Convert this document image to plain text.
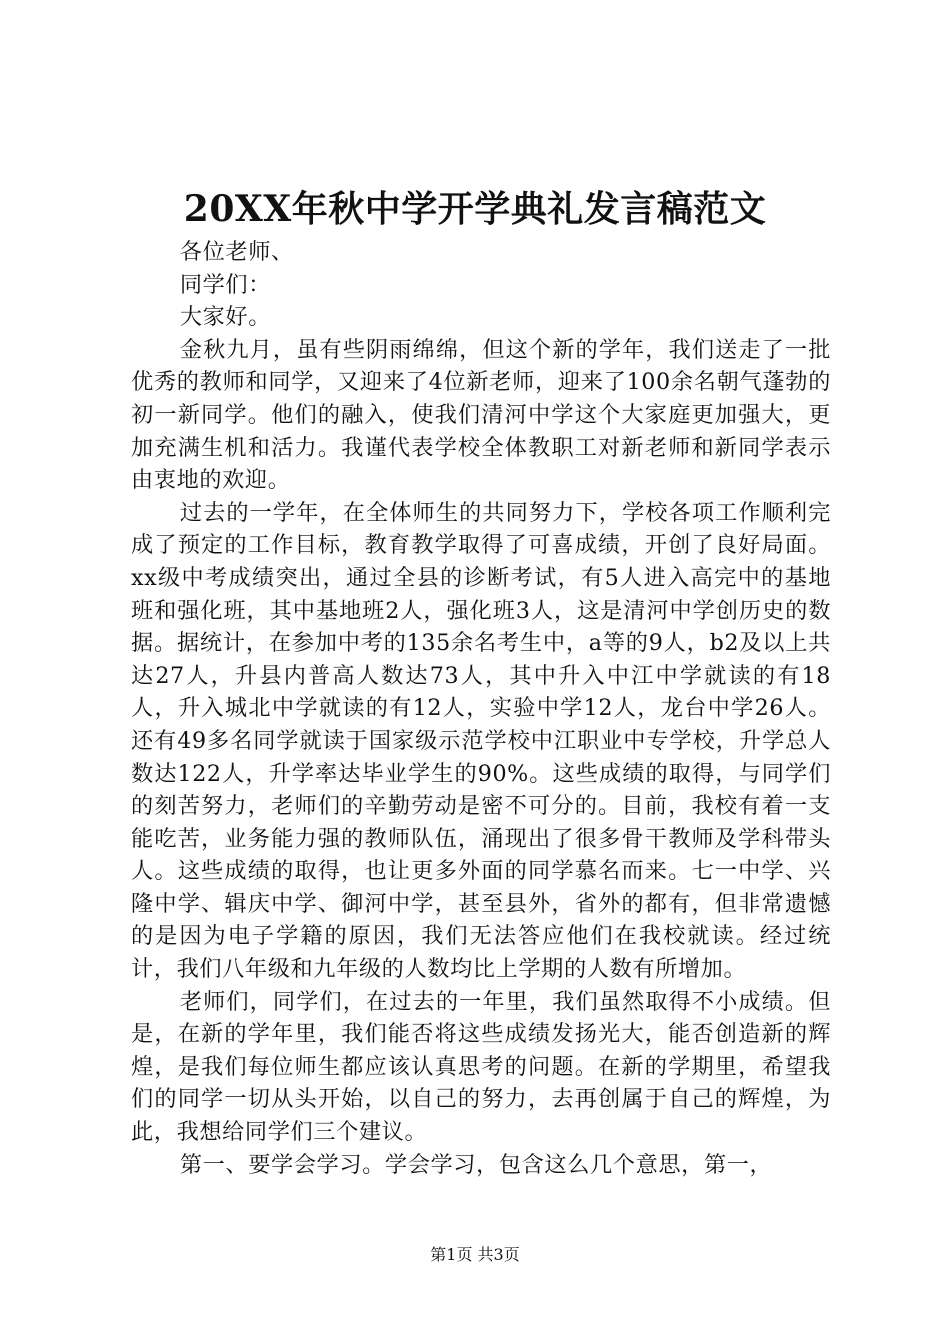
20XX年秋中学开学典礼发言稿范文

各位老师、

同学们：

大家好。

金秋九月，虽有些阴雨绵绵，但这个新的学年，我们送走了一批优秀的教师和同学，又迎来了4位新老师，迎来了100余名朝气蓬勃的初一新同学。他们的融入，使我们清河中学这个大家庭更加强大，更加充满生机和活力。我谨代表学校全体教职工对新老师和新同学表示由衷地的欢迎。

过去的一学年，在全体师生的共同努力下，学校各项工作顺利完成了预定的工作目标，教育教学取得了可喜成绩，开创了良好局面。xx级中考成绩突出，通过全县的诊断考试，有5人进入高完中的基地班和强化班，其中基地班2人，强化班3人，这是清河中学创历史的数据。据统计，在参加中考的135余名考生中，a等的9人，b2及以上共达27人，升县内普高人数达73人，其中升入中江中学就读的有18人，升入城北中学就读的有12人，实验中学12人，龙台中学26人。还有49多名同学就读于国家级示范学校中江职业中专学校，升学总人数达122人，升学率达毕业学生的90%。这些成绩的取得，与同学们的刻苦努力，老师们的辛勤劳动是密不可分的。目前，我校有着一支能吃苦，业务能力强的教师队伍，涌现出了很多骨干教师及学科带头人。这些成绩的取得，也让更多外面的同学慕名而来。七一中学、兴隆中学、辑庆中学、御河中学，甚至县外，省外的都有，但非常遗憾的是因为电子学籍的原因，我们无法答应他们在我校就读。经过统计，我们八年级和九年级的人数均比上学期的人数有所增加。

老师们，同学们，在过去的一年里，我们虽然取得不小成绩。但是，在新的学年里，我们能否将这些成绩发扬光大，能否创造新的辉煌，是我们每位师生都应该认真思考的问题。在新的学期里，希望我们的同学一切从头开始，以自己的努力，去再创属于自己的辉煌，为此，我想给同学们三个建议。

第一、要学会学习。学会学习，包含这么几个意思，第一，

第1页 共3页
